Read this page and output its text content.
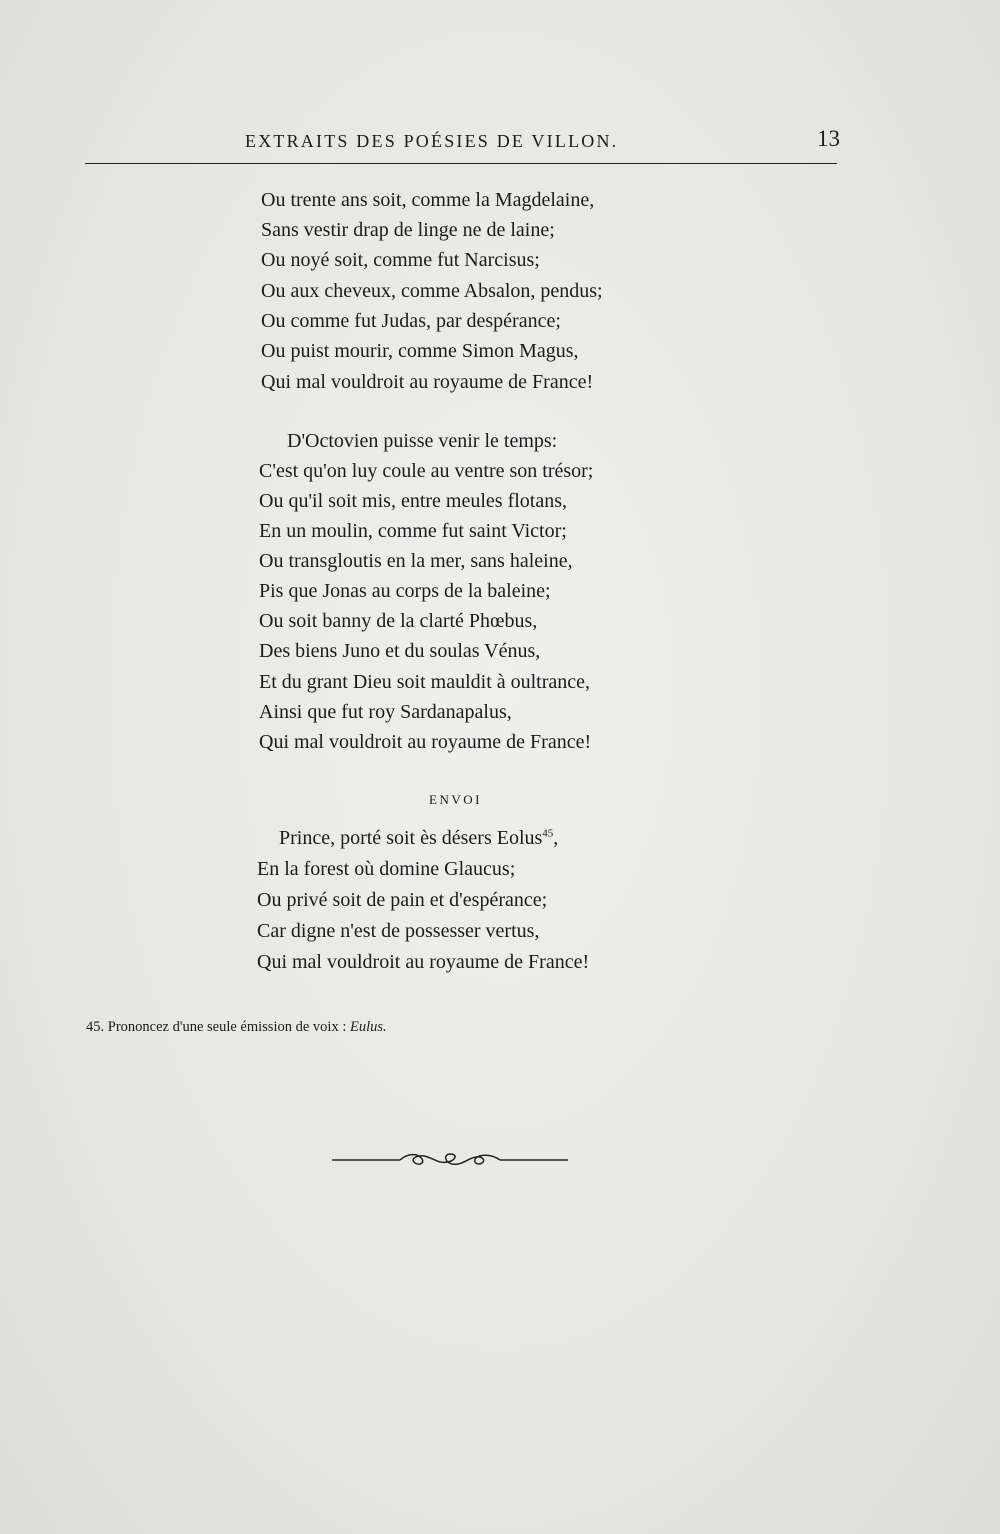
EXTRAITS DES POÉSIES DE VILLON.	13
Ou trente ans soit, comme la Magdelaine,
Sans vestir drap de linge ne de laine;
Ou noyé soit, comme fut Narcisus;
Ou aux cheveux, comme Absalon, pendus;
Ou comme fut Judas, par despérance;
Ou puist mourir, comme Simon Magus,
Qui mal vouldroit au royaume de France!
D'Octovien puisse venir le temps:
C'est qu'on luy coule au ventre son trésor;
Ou qu'il soit mis, entre meules flotans,
En un moulin, comme fut saint Victor;
Ou transgloutis en la mer, sans haleine,
Pis que Jonas au corps de la baleine;
Ou soit banny de la clarté Phœbus,
Des biens Juno et du soulas Vénus,
Et du grant Dieu soit mauldit à oultrance,
Ainsi que fut roy Sardanapalus,
Qui mal vouldroit au royaume de France!
ENVOI
Prince, porté soit ès désers Eolus$^{45}$,
En la forest où domine Glaucus;
Ou privé soit de pain et d'espérance;
Car digne n'est de possesser vertus,
Qui mal vouldroit au royaume de France!
45. Prononcez d'une seule émission de voix : Eulus.
